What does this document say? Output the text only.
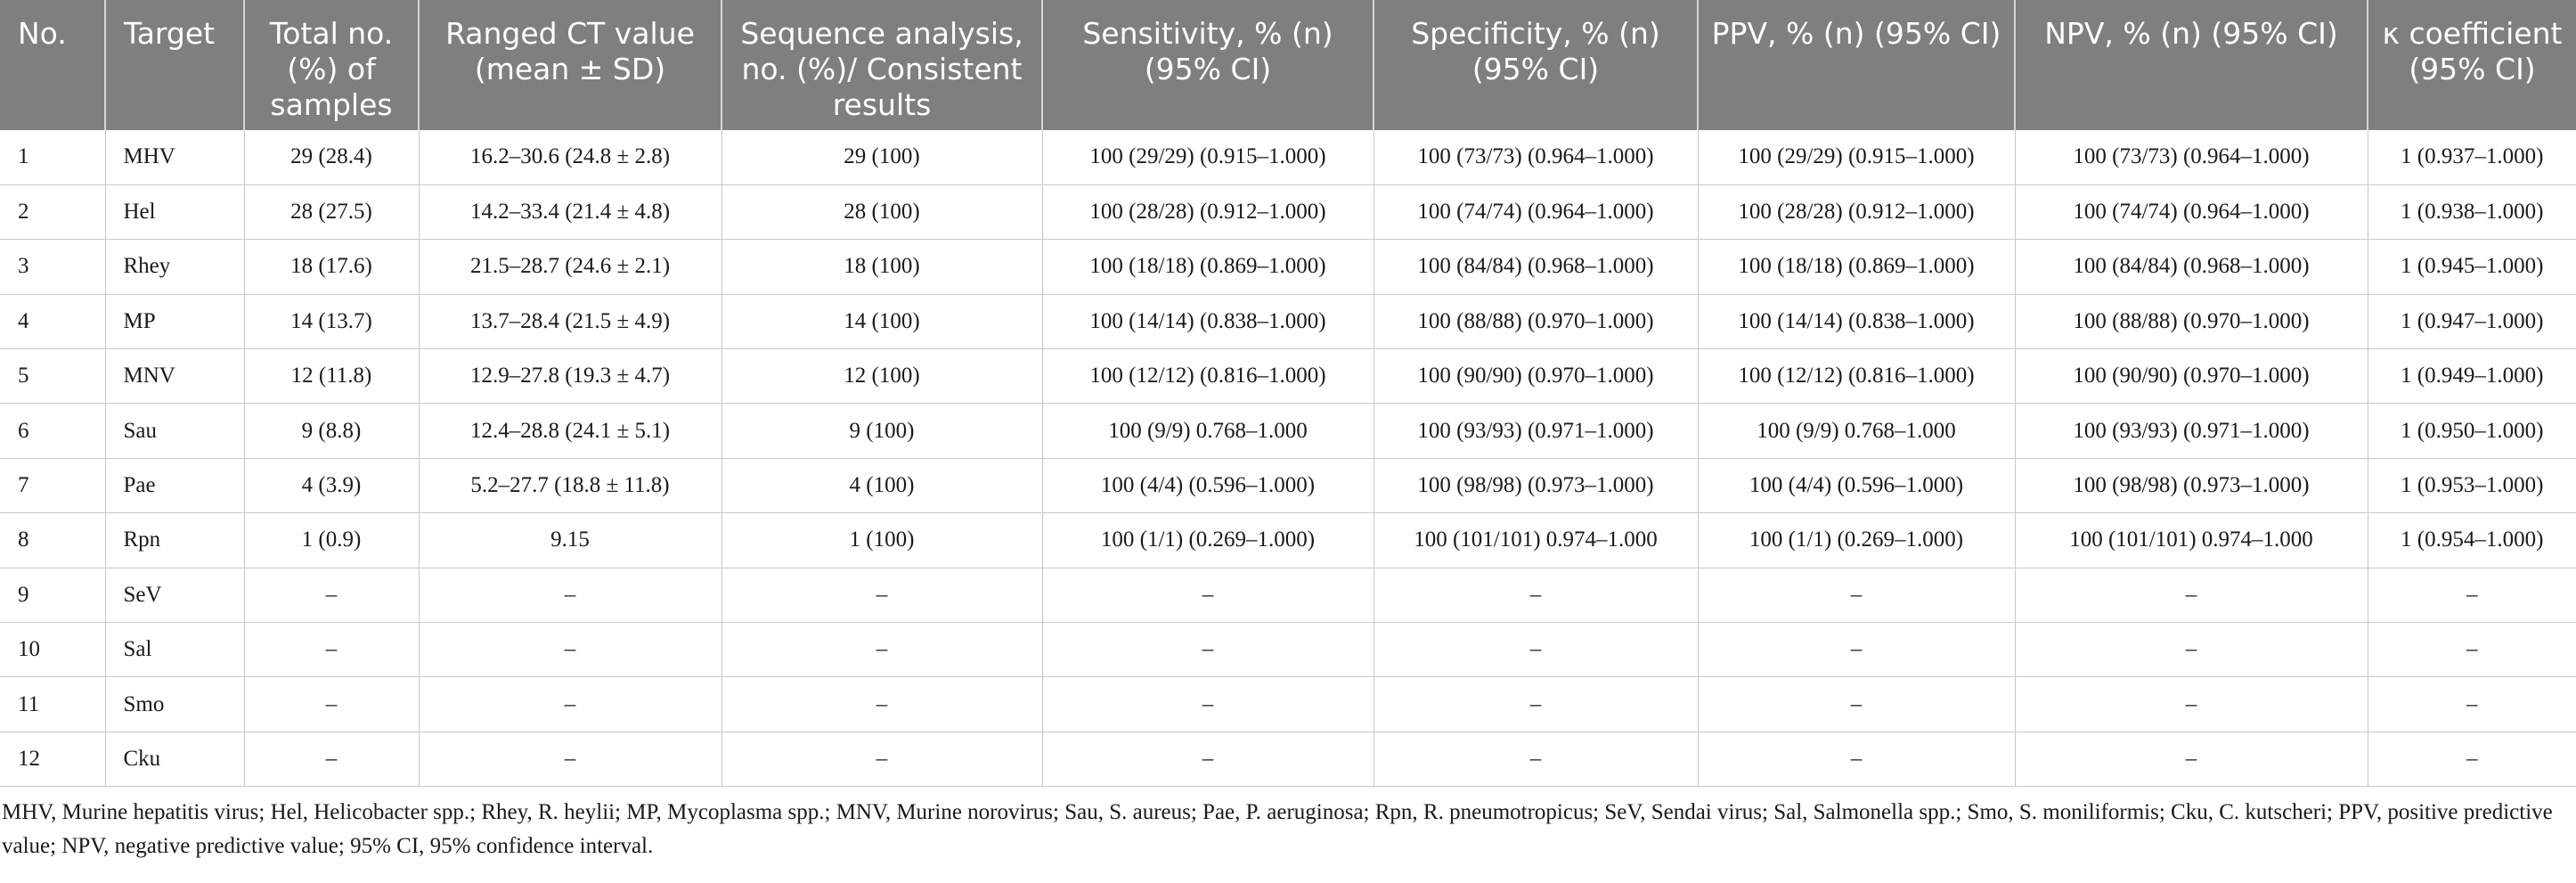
No.	Target	Total no. (%) of samples	Ranged CT value (mean ± SD)	Sequence analysis, no. (%)/ Consistent results	Sensitivity, % (n) (95% CI)	Specificity, % (n) (95% CI)	PPV, % (n) (95% CI)	NPV, % (n) (95% CI)	κ coefficient (95% CI)
1	MHV	29 (28.4)	16.2–30.6 (24.8 ± 2.8)	29 (100)	100 (29/29) (0.915–1.000)	100 (73/73) (0.964–1.000)	100 (29/29) (0.915–1.000)	100 (73/73) (0.964–1.000)	1 (0.937–1.000)
2	Hel	28 (27.5)	14.2–33.4 (21.4 ± 4.8)	28 (100)	100 (28/28) (0.912–1.000)	100 (74/74) (0.964–1.000)	100 (28/28) (0.912–1.000)	100 (74/74) (0.964–1.000)	1 (0.938–1.000)
3	Rhey	18 (17.6)	21.5–28.7 (24.6 ± 2.1)	18 (100)	100 (18/18) (0.869–1.000)	100 (84/84) (0.968–1.000)	100 (18/18) (0.869–1.000)	100 (84/84) (0.968–1.000)	1 (0.945–1.000)
4	MP	14 (13.7)	13.7–28.4 (21.5 ± 4.9)	14 (100)	100 (14/14) (0.838–1.000)	100 (88/88) (0.970–1.000)	100 (14/14) (0.838–1.000)	100 (88/88) (0.970–1.000)	1 (0.947–1.000)
5	MNV	12 (11.8)	12.9–27.8 (19.3 ± 4.7)	12 (100)	100 (12/12) (0.816–1.000)	100 (90/90) (0.970–1.000)	100 (12/12) (0.816–1.000)	100 (90/90) (0.970–1.000)	1 (0.949–1.000)
6	Sau	9 (8.8)	12.4–28.8 (24.1 ± 5.1)	9 (100)	100 (9/9) 0.768–1.000	100 (93/93) (0.971–1.000)	100 (9/9) 0.768–1.000	100 (93/93) (0.971–1.000)	1 (0.950–1.000)
7	Pae	4 (3.9)	5.2–27.7 (18.8 ± 11.8)	4 (100)	100 (4/4) (0.596–1.000)	100 (98/98) (0.973–1.000)	100 (4/4) (0.596–1.000)	100 (98/98) (0.973–1.000)	1 (0.953–1.000)
8	Rpn	1 (0.9)	9.15	1 (100)	100 (1/1) (0.269–1.000)	100 (101/101) 0.974–1.000	100 (1/1) (0.269–1.000)	100 (101/101) 0.974–1.000	1 (0.954–1.000)
9	SeV	–	–	–	–	–	–	–	–
10	Sal	–	–	–	–	–	–	–	–
11	Smo	–	–	–	–	–	–	–	–
12	Cku	–	–	–	–	–	–	–	–

MHV, Murine hepatitis virus; Hel, Helicobacter spp.; Rhey, R. heylii; MP, Mycoplasma spp.; MNV, Murine norovirus; Sau, S. aureus; Pae, P. aeruginosa; Rpn, R. pneumotropicus; SeV, Sendai virus; Sal, Salmonella spp.; Smo, S. moniliformis; Cku, C. kutscheri; PPV, positive predictive value; NPV, negative predictive value; 95% CI, 95% confidence interval.
